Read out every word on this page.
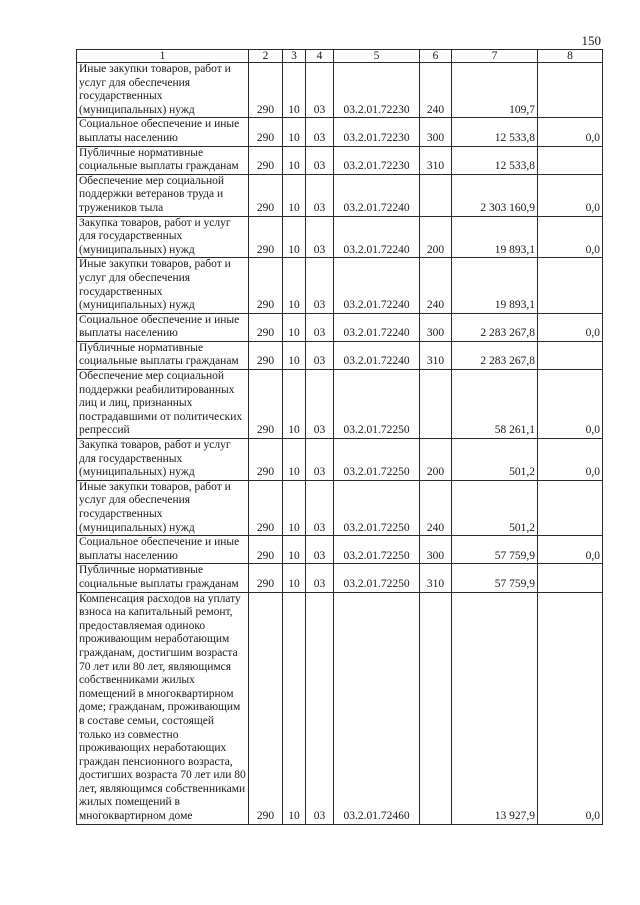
150
1	2	3	4	5	6	7	8
Иные закупки товаров, работ и услуг для обеспечения государственных (муниципальных) нужд	290	10	03	03.2.01.72230	240	109,7	
Социальное обеспечение и иные выплаты населению	290	10	03	03.2.01.72230	300	12 533,8	0,0
Публичные нормативные социальные выплаты гражданам	290	10	03	03.2.01.72230	310	12 533,8	
Обеспечение мер социальной поддержки ветеранов труда и тружеников тыла	290	10	03	03.2.01.72240		2 303 160,9	0,0
Закупка товаров, работ и услуг для государственных (муниципальных) нужд	290	10	03	03.2.01.72240	200	19 893,1	0,0
Иные закупки товаров, работ и услуг для обеспечения государственных (муниципальных) нужд	290	10	03	03.2.01.72240	240	19 893,1	
Социальное обеспечение и иные выплаты населению	290	10	03	03.2.01.72240	300	2 283 267,8	0,0
Публичные нормативные социальные выплаты гражданам	290	10	03	03.2.01.72240	310	2 283 267,8	
Обеспечение мер социальной поддержки реабилитированных лиц и лиц, признанных пострадавшими от политических репрессий	290	10	03	03.2.01.72250		58 261,1	0,0
Закупка товаров, работ и услуг для государственных (муниципальных) нужд	290	10	03	03.2.01.72250	200	501,2	0,0
Иные закупки товаров, работ и услуг для обеспечения государственных (муниципальных) нужд	290	10	03	03.2.01.72250	240	501,2	
Социальное обеспечение и иные выплаты населению	290	10	03	03.2.01.72250	300	57 759,9	0,0
Публичные нормативные социальные выплаты гражданам	290	10	03	03.2.01.72250	310	57 759,9	
Компенсация расходов на уплату взноса на капитальный ремонт, предоставляемая одиноко проживающим неработающим гражданам, достигшим возраста 70 лет или 80 лет, являющимся собственниками жилых помещений в многоквартирном доме; гражданам, проживающим в составе семьи, состоящей только из совместно проживающих неработающих граждан пенсионного возраста, достигших возраста 70 лет или 80 лет, являющимся собственниками жилых помещений в многоквартирном доме	290	10	03	03.2.01.72460		13 927,9	0,0
